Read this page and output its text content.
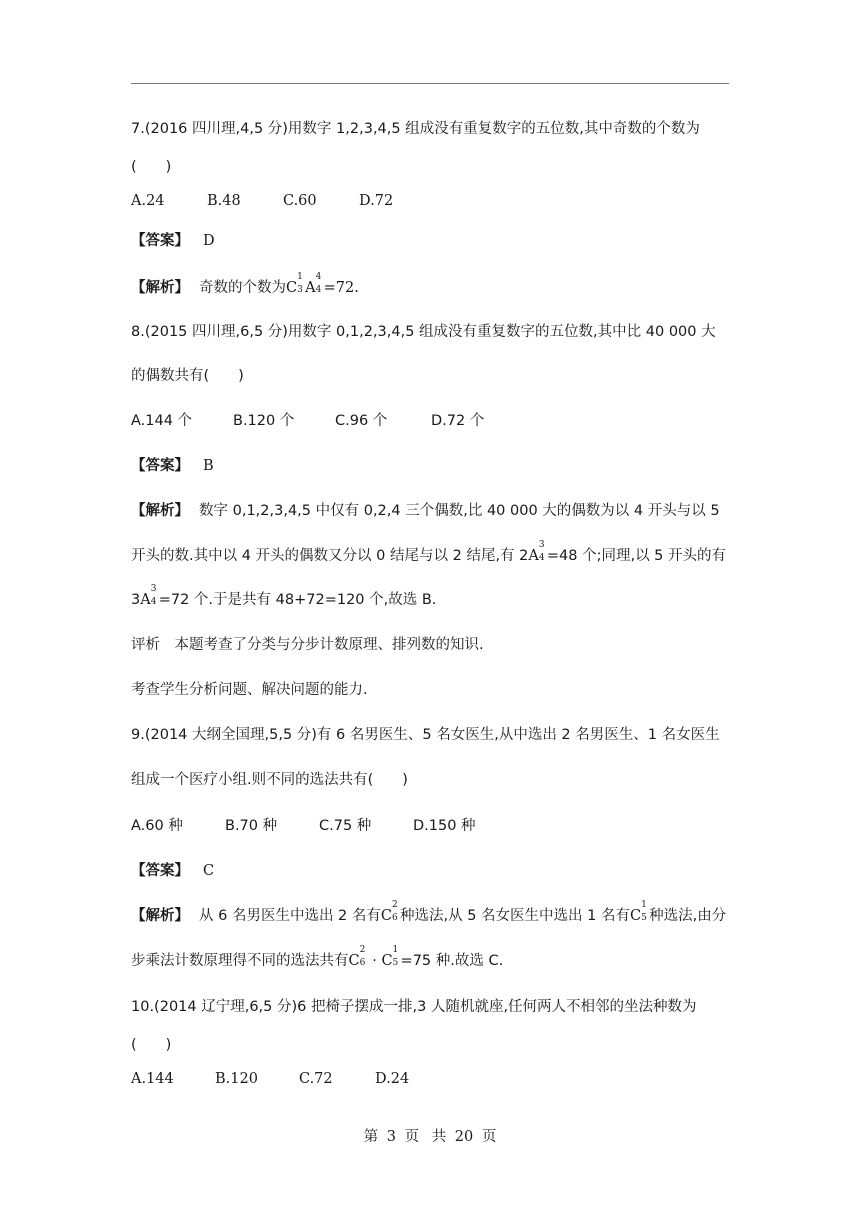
7.(2016 四川理,4,5 分)用数字 1,2,3,4,5 组成没有重复数字的五位数,其中奇数的个数为
(　　)
A.24	B.48	C.60	D.72
【答案】 D
【解析】 奇数的个数为C
1
3 A
4
4 =72.
8.(2015 四川理,6,5 分)用数字 0,1,2,3,4,5 组成没有重复数字的五位数,其中比 40 000 大
的偶数共有(　　)
A.144 个	B.120 个	C.96 个	D.72 个
【答案】 B
【解析】 数字 0,1,2,3,4,5 中仅有 0,2,4 三个偶数,比 40 000 大的偶数为以 4 开头与以 5
开头的数.其中以 4 开头的偶数又分以 0 结尾与以 2 结尾,有 2A
3
4 =48 个;同理,以 5 开头的有
3A
3
4 =72 个.于是共有 48+72=120 个,故选 B.
评析　本题考查了分类与分步计数原理、排列数的知识.
考查学生分析问题、解决问题的能力.
9.(2014 大纲全国理,5,5 分)有 6 名男医生、5 名女医生,从中选出 2 名男医生、1 名女医生
组成一个医疗小组.则不同的选法共有(　　)
A.60 种	B.70 种	C.75 种	D.150 种
【答案】 C
【解析】 从 6 名男医生中选出 2 名有C
2
6 种选法,从 5 名女医生中选出 1 名有C
1
5 种选法,由分
步乘法计数原理得不同的选法共有C
2
6 · C
1
5 =75 种.故选 C.
10.(2014 辽宁理,6,5 分)6 把椅子摆成一排,3 人随机就座,任何两人不相邻的坐法种数为
(　　)
A.144	B.120	C.72	D.24
第 3 页 共 20 页
